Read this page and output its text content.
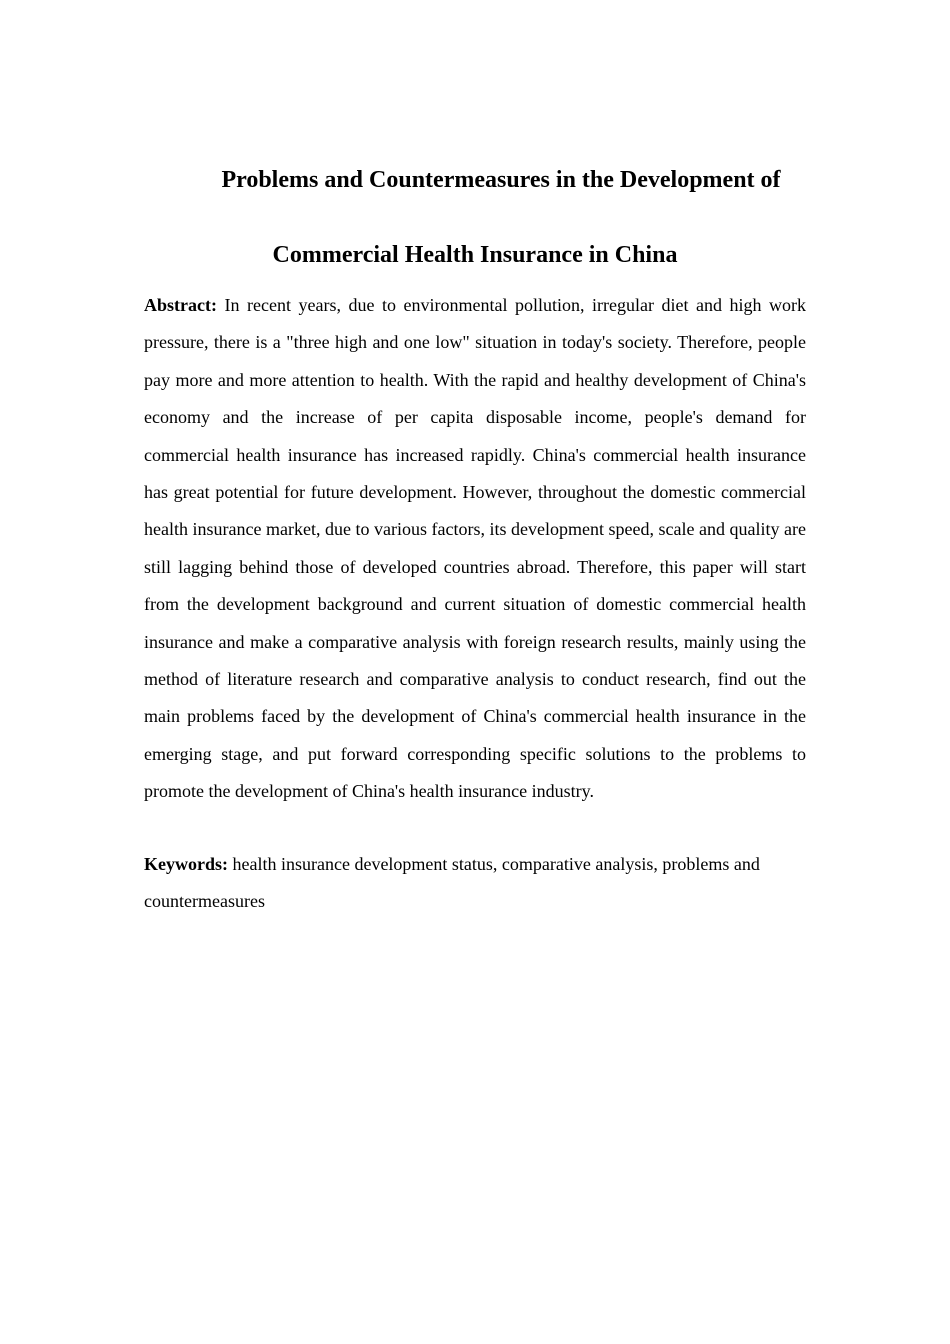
Problems and Countermeasures in the Development of
Commercial Health Insurance in China

Abstract: In recent years, due to environmental pollution, irregular diet and high work pressure, there is a "three high and one low" situation in today's society. Therefore, people pay more and more attention to health. With the rapid and healthy development of China's economy and the increase of per capita disposable income, people's demand for commercial health insurance has increased rapidly. China's commercial health insurance has great potential for future development. However, throughout the domestic commercial health insurance market, due to various factors, its development speed, scale and quality are still lagging behind those of developed countries abroad. Therefore, this paper will start from the development background and current situation of domestic commercial health insurance and make a comparative analysis with foreign research results, mainly using the method of literature research and comparative analysis to conduct research, find out the main problems faced by the development of China's commercial health insurance in the emerging stage, and put forward corresponding specific solutions to the problems to promote the development of China's health insurance industry.

Keywords: health insurance development status, comparative analysis, problems and countermeasures
